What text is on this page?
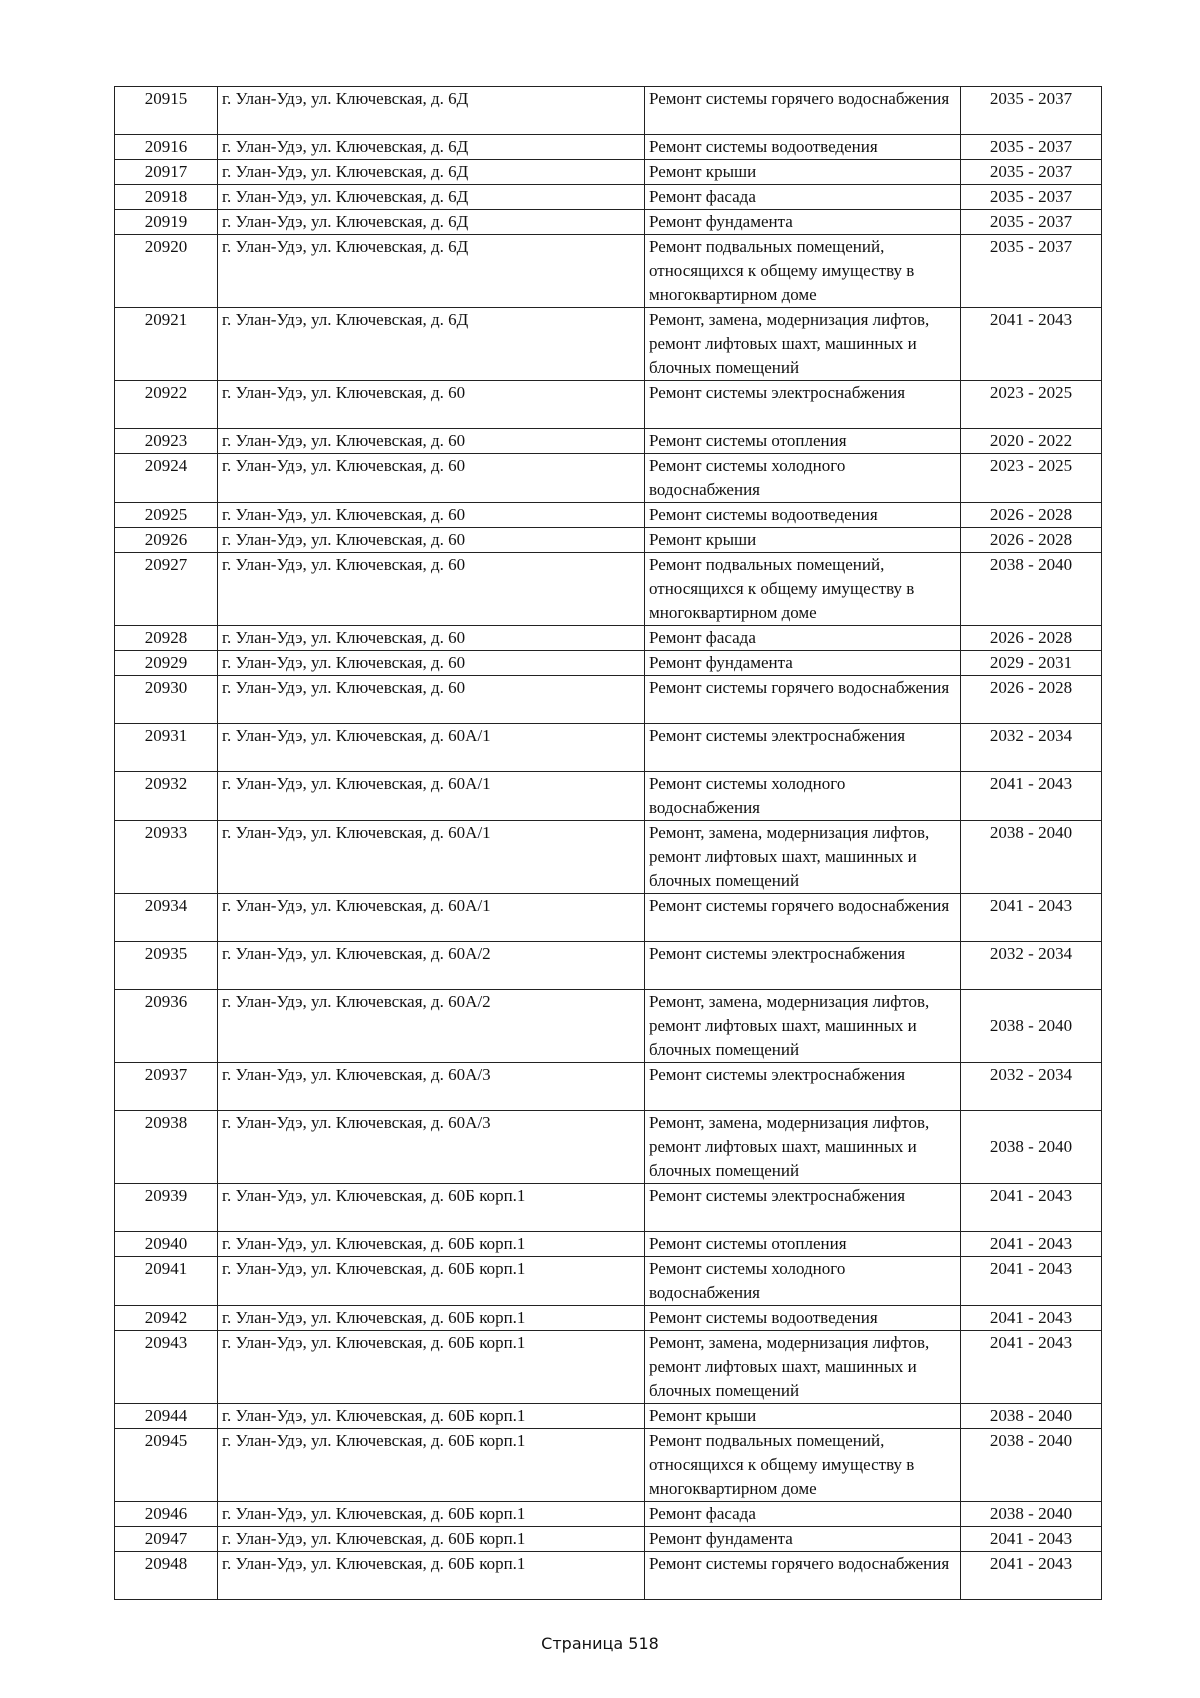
20915	г. Улан-Удэ, ул. Ключевская, д. 6Д	Ремонт системы горячего водоснабжения	2035 - 2037
20916	г. Улан-Удэ, ул. Ключевская, д. 6Д	Ремонт системы водоотведения	2035 - 2037
20917	г. Улан-Удэ, ул. Ключевская, д. 6Д	Ремонт крыши	2035 - 2037
20918	г. Улан-Удэ, ул. Ключевская, д. 6Д	Ремонт фасада	2035 - 2037
20919	г. Улан-Удэ, ул. Ключевская, д. 6Д	Ремонт фундамента	2035 - 2037
20920	г. Улан-Удэ, ул. Ключевская, д. 6Д	Ремонт подвальных помещений, относящихся к общему имуществу в многоквартирном доме	2035 - 2037
20921	г. Улан-Удэ, ул. Ключевская, д. 6Д	Ремонт, замена, модернизация лифтов, ремонт лифтовых шахт, машинных и блочных помещений	2041 - 2043
20922	г. Улан-Удэ, ул. Ключевская, д. 60	Ремонт системы электроснабжения	2023 - 2025
20923	г. Улан-Удэ, ул. Ключевская, д. 60	Ремонт системы отопления	2020 - 2022
20924	г. Улан-Удэ, ул. Ключевская, д. 60	Ремонт системы холодного водоснабжения	2023 - 2025
20925	г. Улан-Удэ, ул. Ключевская, д. 60	Ремонт системы водоотведения	2026 - 2028
20926	г. Улан-Удэ, ул. Ключевская, д. 60	Ремонт крыши	2026 - 2028
20927	г. Улан-Удэ, ул. Ключевская, д. 60	Ремонт подвальных помещений, относящихся к общему имуществу в многоквартирном доме	2038 - 2040
20928	г. Улан-Удэ, ул. Ключевская, д. 60	Ремонт фасада	2026 - 2028
20929	г. Улан-Удэ, ул. Ключевская, д. 60	Ремонт фундамента	2029 - 2031
20930	г. Улан-Удэ, ул. Ключевская, д. 60	Ремонт системы горячего водоснабжения	2026 - 2028
20931	г. Улан-Удэ, ул. Ключевская, д. 60А/1	Ремонт системы электроснабжения	2032 - 2034
20932	г. Улан-Удэ, ул. Ключевская, д. 60А/1	Ремонт системы холодного водоснабжения	2041 - 2043
20933	г. Улан-Удэ, ул. Ключевская, д. 60А/1	Ремонт, замена, модернизация лифтов, ремонт лифтовых шахт, машинных и блочных помещений	2038 - 2040
20934	г. Улан-Удэ, ул. Ключевская, д. 60А/1	Ремонт системы горячего водоснабжения	2041 - 2043
20935	г. Улан-Удэ, ул. Ключевская, д. 60А/2	Ремонт системы электроснабжения	2032 - 2034
20936	г. Улан-Удэ, ул. Ключевская, д. 60А/2	Ремонт, замена, модернизация лифтов, ремонт лифтовых шахт, машинных и блочных помещений	2038 - 2040
20937	г. Улан-Удэ, ул. Ключевская, д. 60А/3	Ремонт системы электроснабжения	2032 - 2034
20938	г. Улан-Удэ, ул. Ключевская, д. 60А/3	Ремонт, замена, модернизация лифтов, ремонт лифтовых шахт, машинных и блочных помещений	2038 - 2040
20939	г. Улан-Удэ, ул. Ключевская, д. 60Б корп.1	Ремонт системы электроснабжения	2041 - 2043
20940	г. Улан-Удэ, ул. Ключевская, д. 60Б корп.1	Ремонт системы отопления	2041 - 2043
20941	г. Улан-Удэ, ул. Ключевская, д. 60Б корп.1	Ремонт системы холодного водоснабжения	2041 - 2043
20942	г. Улан-Удэ, ул. Ключевская, д. 60Б корп.1	Ремонт системы водоотведения	2041 - 2043
20943	г. Улан-Удэ, ул. Ключевская, д. 60Б корп.1	Ремонт, замена, модернизация лифтов, ремонт лифтовых шахт, машинных и блочных помещений	2041 - 2043
20944	г. Улан-Удэ, ул. Ключевская, д. 60Б корп.1	Ремонт крыши	2038 - 2040
20945	г. Улан-Удэ, ул. Ключевская, д. 60Б корп.1	Ремонт подвальных помещений, относящихся к общему имуществу в многоквартирном доме	2038 - 2040
20946	г. Улан-Удэ, ул. Ключевская, д. 60Б корп.1	Ремонт фасада	2038 - 2040
20947	г. Улан-Удэ, ул. Ключевская, д. 60Б корп.1	Ремонт фундамента	2041 - 2043
20948	г. Улан-Удэ, ул. Ключевская, д. 60Б корп.1	Ремонт системы горячего водоснабжения	2041 - 2043
Страница 518
